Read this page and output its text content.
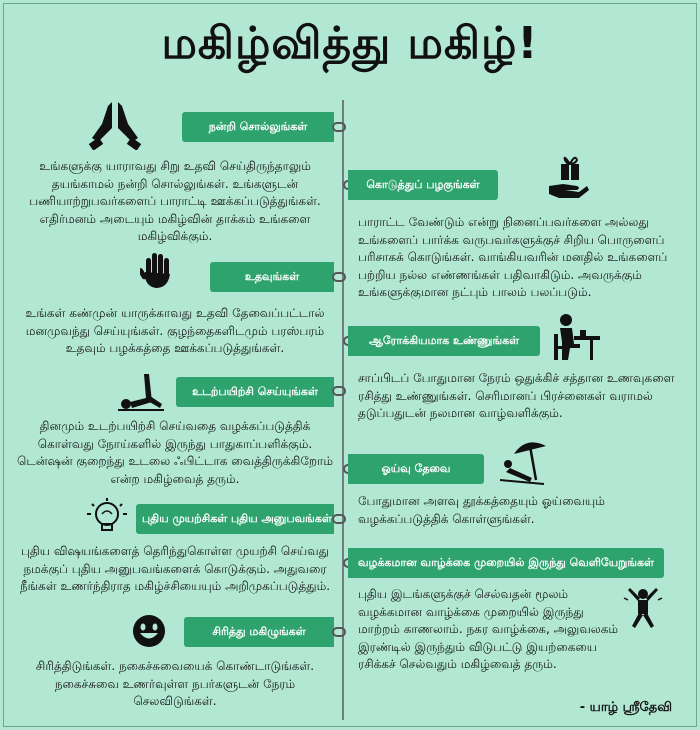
மகிழ்வித்து மகிழ்!
நன்றி சொல்லுங்கள்
உங்களுக்கு யாராவது சிறு உதவி செய்திருந்தாலும் தயங்காமல் நன்றி சொல்லுங்கள். உங்களுடன் பணியாற்றுபவர்களைப் பாராட்டி ஊக்கப்படுத்துங்கள். எதிர்மனம் அடையும் மகிழ்வின் தாக்கம் உங்களை மகிழ்விக்கும்.
உதவுங்கள்
உங்கள் கண்முன் யாருக்காவது உதவி தேவைப்பட்டால் மனமுவந்து செய்யுங்கள். குழந்தைகளிடமும் பரஸ்பரம் உதவும் பழக்கத்தை ஊக்கப்படுத்துங்கள்.
உடற்பயிற்சி செய்யுங்கள்
தினமும் உடற்பயிற்சி செய்வதை வழக்கப்படுத்திக் கொள்வது நோய்களில் இருந்து பாதுகாப்பளிக்கும். டென்ஷன் குறைந்து உடலை ஃபிட்டாக வைத்திருக்கிறோம் என்ற மகிழ்வைத் தரும்.
புதிய முயற்சிகள் புதிய அனுபவங்கள்
புதிய விஷயங்களைத் தெரிந்துகொள்ள முயற்சி செய்வது நமக்குப் புதிய அனுபவங்களைக் கொடுக்கும். அதுவரை நீங்கள் உணர்ந்திராத மகிழ்ச்சியையும் அறிமுகப்படுத்தும்.
சிரித்து மகிழுங்கள்
சிரித்திடுங்கள். நகைச்சுவையைக் கொண்டாடுங்கள். நகைச்சுவை உணர்வுள்ள நபர்களுடன் நேரம் செலவிடுங்கள்.
கொடுத்துப் பழகுங்கள்
பாராட்ட வேண்டும் என்று நினைப்பவர்களை அல்லது உங்களைப் பார்க்க வருபவர்களுக்குச் சிறிய பொருளைப் பரிசாகக் கொடுங்கள். வாங்கியவரின் மனதில் உங்களைப் பற்றிய நல்ல எண்ணங்கள் பதிவாகிடும். அவருக்கும் உங்களுக்குமான நட்பும் பாலம் பலப்படும்.
ஆரோக்கியமாக உண்ணுங்கள்
சாப்பிடப் போதுமான நேரம் ஒதுக்கிச் சத்தான உணவுகளை ரசித்து உண்ணுங்கள். செரிமானப் பிரச்னைகள் வராமல் தடுப்பதுடன் நலமான வாழ்வளிக்கும்.
ஓய்வு தேவை
போதுமான அளவு தூக்கத்தையும் ஓய்வையும் வழக்கப்படுத்திக் கொள்ளுங்கள்.
வழக்கமான வாழ்க்கை முறையில் இருந்து வெளியேறுங்கள்
புதிய இடங்களுக்குச் செல்வதன் மூலம் வழக்கமான வாழ்க்கை முறையில் இருந்து மாற்றம் காணலாம். நகர வாழ்க்கை, அலுவலகம் இரண்டில் இருந்தும் விடுபட்டு இயற்கையை ரசிக்கச் செல்வதும் மகிழ்வைத் தரும்.
- யாழ் ஸ்ரீதேவி
